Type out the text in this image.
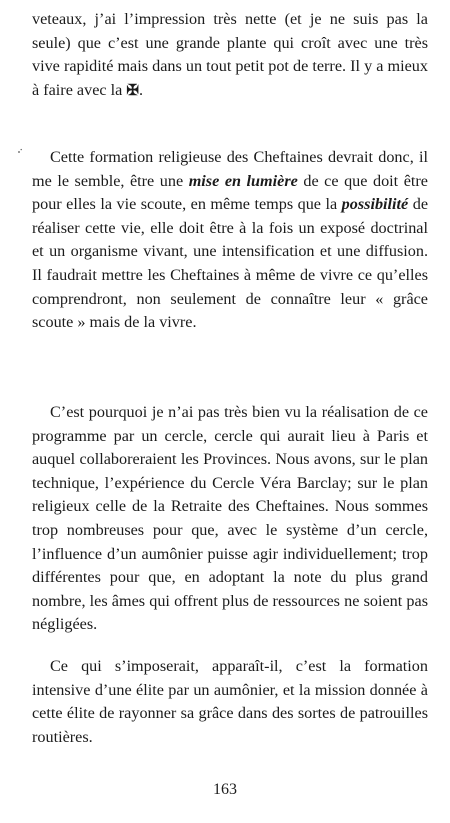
veteaux, j’ai l’impression très nette (et je ne suis pas la seule) que c’est une grande plante qui croît avec une très vive rapidité mais dans un tout petit pot de terre. Il y a mieux à faire avec la ✠.

Cette formation religieuse des Cheftaines devrait donc, il me le semble, être une mise en lumière de ce que doit être pour elles la vie scoute, en même temps que la possibilité de réaliser cette vie, elle doit être à la fois un exposé doctrinal et un organisme vivant, une intensification et une diffusion. Il faudrait mettre les Cheftaines à même de vivre ce qu’elles comprendront, non seulement de connaître leur « grâce scoute » mais de la vivre.

C’est pourquoi je n’ai pas très bien vu la réalisation de ce programme par un cercle, cercle qui aurait lieu à Paris et auquel collaboreraient les Provinces. Nous avons, sur le plan technique, l’expérience du Cercle Véra Barclay; sur le plan religieux celle de la Retraite des Cheftaines. Nous sommes trop nombreuses pour que, avec le système d’un cercle, l’influence d’un aumônier puisse agir individuellement; trop différentes pour que, en adoptant la note du plus grand nombre, les âmes qui offrent plus de ressources ne soient pas négligées.

Ce qui s’imposerait, apparaît-il, c’est la formation intensive d’une élite par un aumônier, et la mission donnée à cette élite de rayonner sa grâce dans des sortes de patrouilles routières.

163
